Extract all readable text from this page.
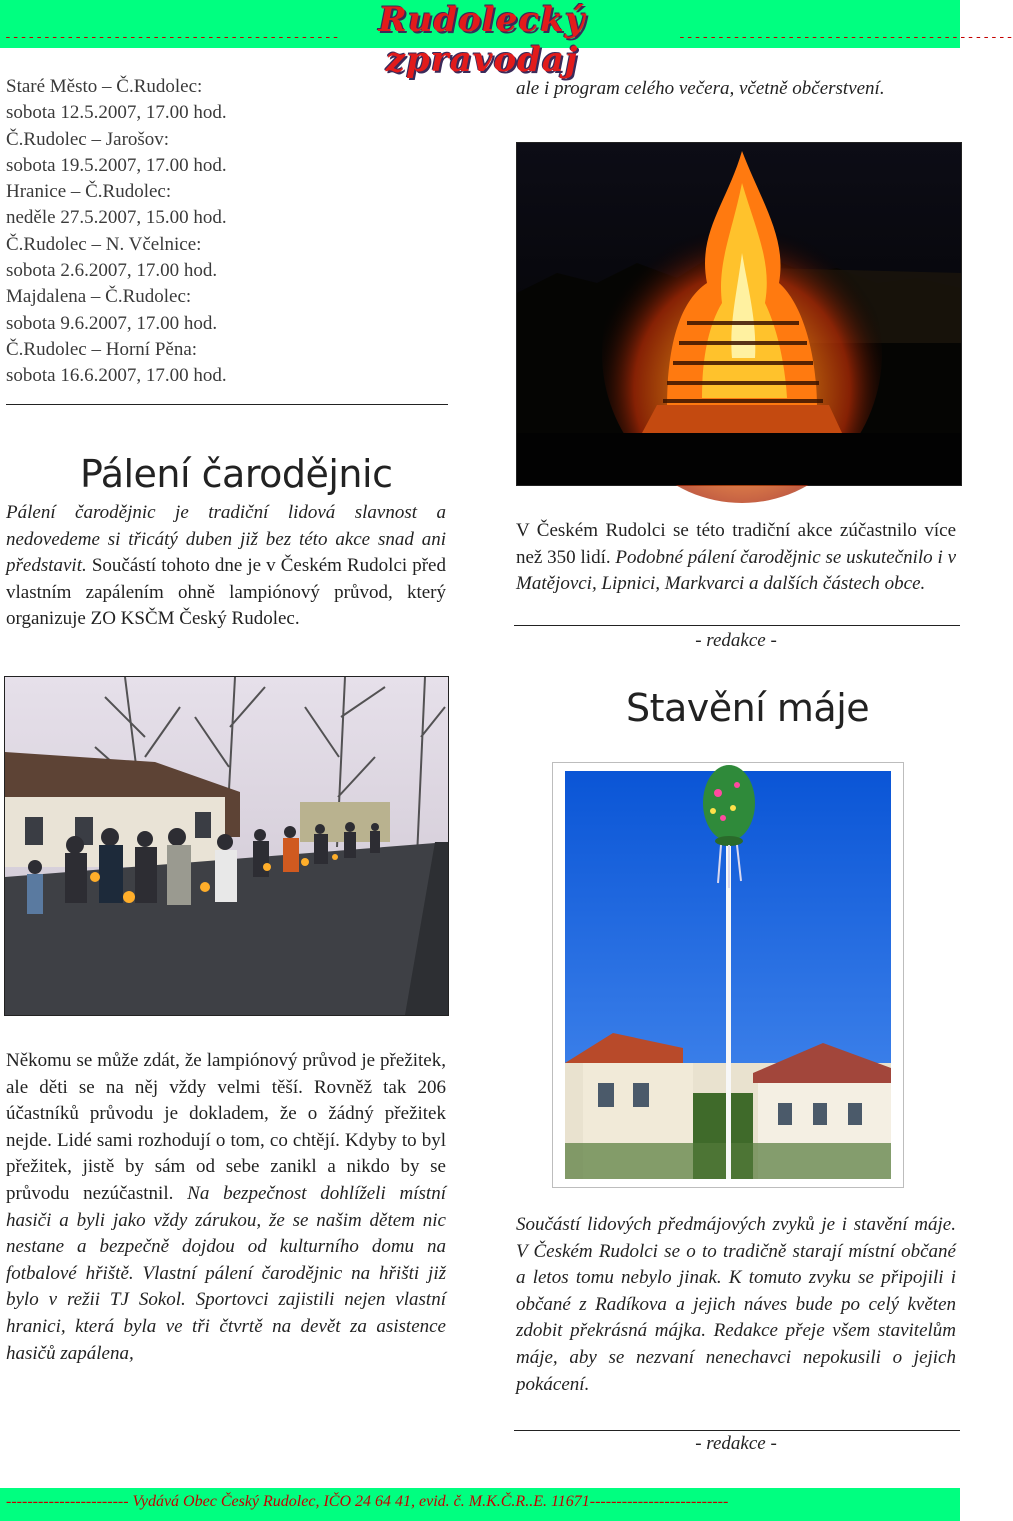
-------------------------------------------	Rudolecký zpravodaj
-------------------------------------------
Staré Město – Č.Rudolec:
sobota 12.5.2007, 17.00 hod.
Č.Rudolec – Jarošov:
sobota 19.5.2007, 17.00 hod.
Hranice – Č.Rudolec:
neděle 27.5.2007, 15.00 hod.
Č.Rudolec – N. Včelnice:
sobota 2.6.2007, 17.00 hod.
Majdalena – Č.Rudolec:
sobota 9.6.2007, 17.00 hod.
Č.Rudolec – Horní Pěna:
sobota 16.6.2007, 17.00 hod.
Pálení čarodějnic
Pálení čarodějnic je tradiční lidová slavnost a nedovedeme si třicátý duben již bez této akce snad ani představit. Součástí tohoto dne je v Českém Rudolci před vlastním zapálením ohně lampiónový průvod, který organizuje ZO KSČM Český Rudolec.
ale i program celého večera, včetně občerstvení.
V Českém Rudolci se této tradiční akce zúčastnilo více než 350 lidí. Podobné pálení čarodějnic se uskutečnilo i v Matějovci, Lipnici, Markvarci a dalších částech obce.
- redakce -
Někomu se může zdát, že lampiónový průvod je přežitek, ale děti se na něj vždy velmi těší. Rovněž tak 206 účastníků průvodu je dokladem, že o žádný přežitek nejde. Lidé sami rozhodují o tom, co chtějí. Kdyby to byl přežitek, jistě by sám od sebe zanikl a nikdo by se průvodu nezúčastnil. Na bezpečnost dohlíželi místní hasiči a byli jako vždy zárukou, že se našim dětem nic nestane a bezpečně dojdou od kulturního domu na fotbalové hřiště. Vlastní pálení čarodějnic na hřišti již bylo v režii TJ Sokol. Sportovci zajistili nejen vlastní hranici, která byla ve tři čtvrtě na devět za asistence hasičů zapálena,
Stavění máje
Součástí lidových předmájových zvyků je i stavění máje. V Českém Rudolci se o to tradičně starají místní občané a letos tomu nebylo jinak. K tomuto zvyku se připojili i občané z Radíkova a jejich náves bude po celý květen zdobit překrásná májka. Redakce přeje všem stavitelům máje, aby se nezvaní nenechavci nepokusili o jejich pokácení.
- redakce -
----------------------- Vydává Obec Český Rudolec, IČO 24 64 41, evid. č. M.K.Č.R..E. 11671--------------------------
